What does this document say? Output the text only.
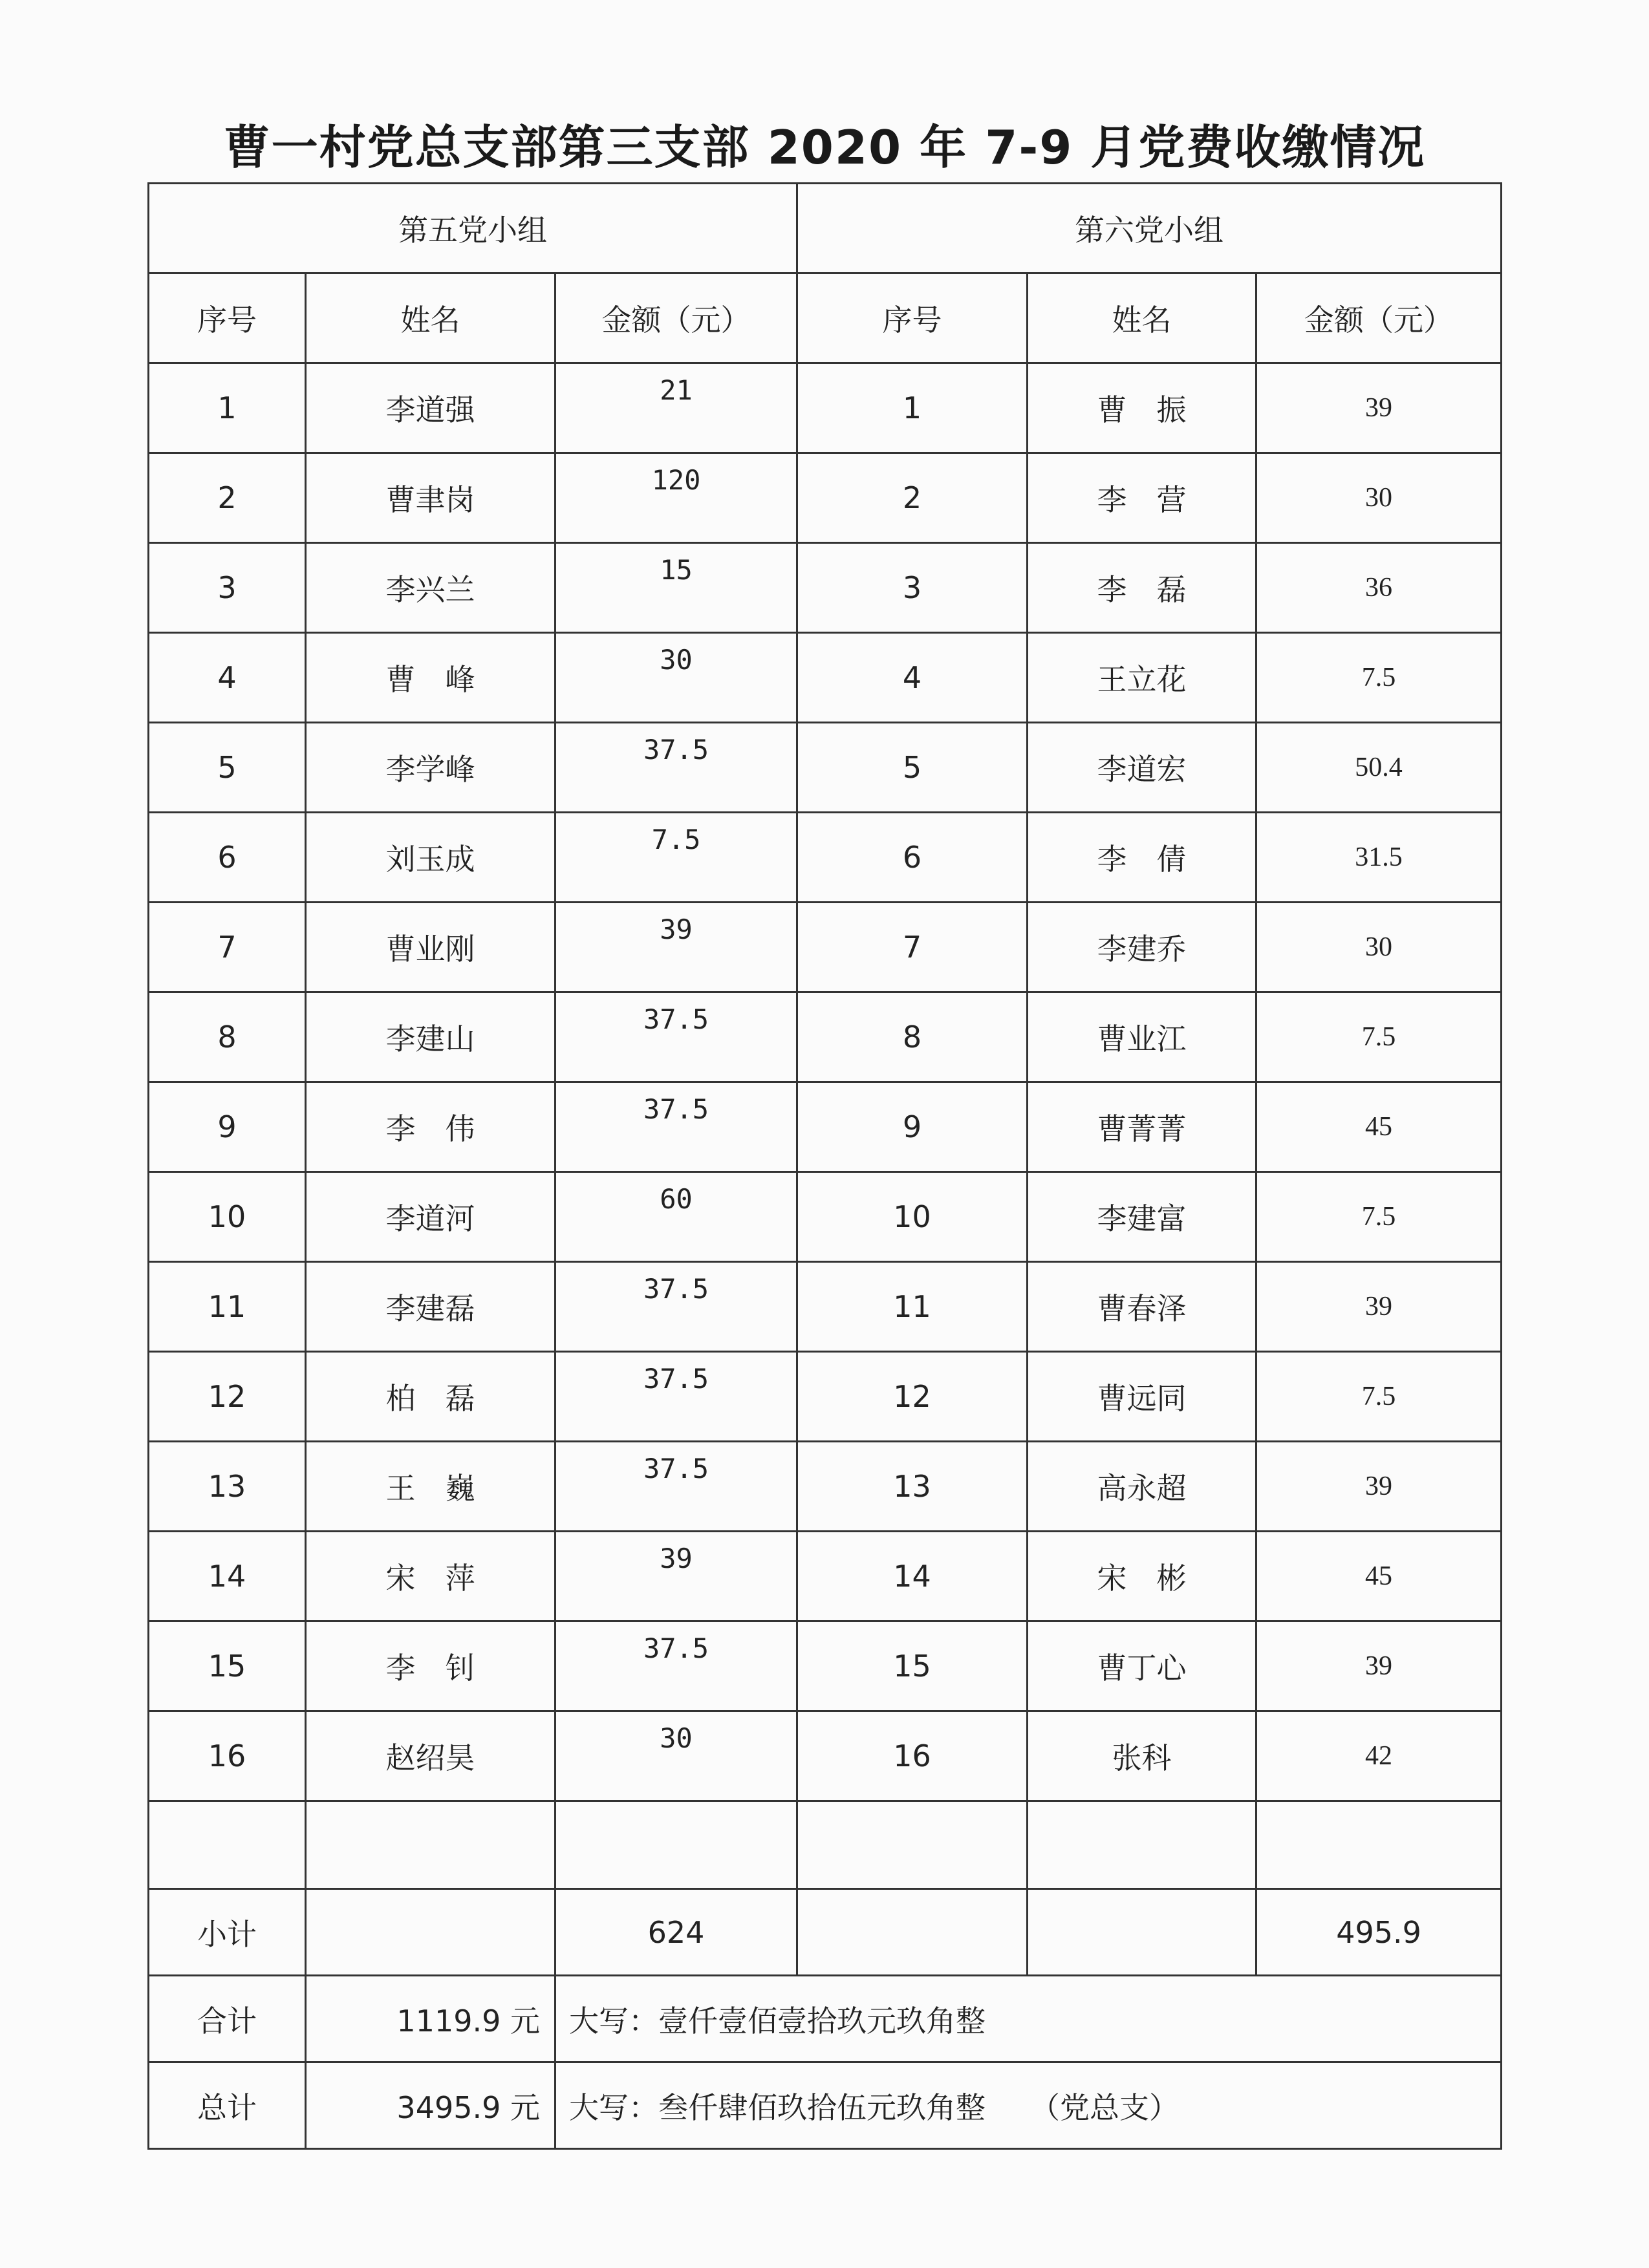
曹一村党总支部第三支部 2020 年 7-9 月党费收缴情况
第五党小组			第六党小组		
序号	姓名	金额（元）	序号	姓名	金额（元）
1	李道强	21	1	曹　振	39
2	曹聿岗	120	2	李　营	30
3	李兴兰	15	3	李　磊	36
4	曹　峰	30	4	王立花	7.5
5	李学峰	37.5	5	李道宏	50.4
6	刘玉成	7.5	6	李　倩	31.5
7	曹业刚	39	7	李建乔	30
8	李建山	37.5	8	曹业江	7.5
9	李　伟	37.5	9	曹菁菁	45
10	李道河	60	10	李建富	7.5
11	李建磊	37.5	11	曹春泽	39
12	柏　磊	37.5	12	曹远同	7.5
13	王　巍	37.5	13	高永超	39
14	宋　萍	39	14	宋　彬	45
15	李　钊	37.5	15	曹丁心	39
16	赵绍昊	30	16	张科	42

小计		624			495.9
合计	1119.9 元	大写：壹仟壹佰壹拾玖元玖角整			
总计	3495.9 元	大写：叁仟肆佰玖拾伍元玖角整　　（党总支）			
